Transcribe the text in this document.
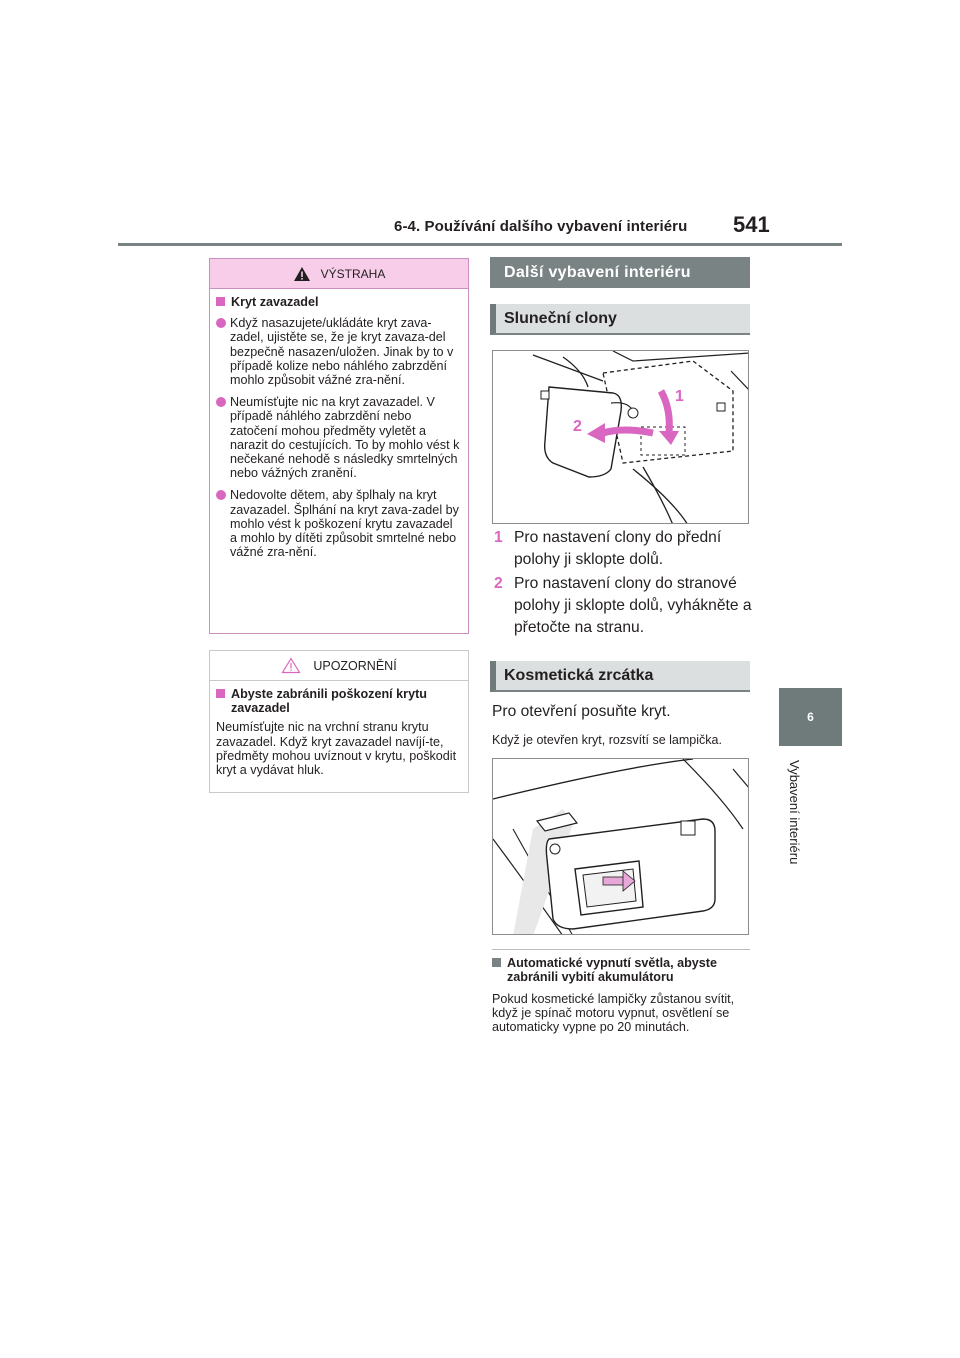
6-4. Používání dalšího vybavení interiéru 541
6
Vybavení interiéru
VÝSTRAHA
Kryt zavazadel
Když nasazujete/ukládáte kryt zava-zadel, ujistěte se, že je kryt zavaza-del bezpečně nasazen/uložen. Jinak by to v případě kolize nebo náhlého zabrzdění mohlo způsobit vážné zra-nění.
Neumísťujte nic na kryt zavazadel. V případě náhlého zabrzdění nebo zatočení mohou předměty vyletět a narazit do cestujících. To by mohlo vést k nečekané nehodě s následky smrtelných nebo vážných zranění.
Nedovolte dětem, aby šplhaly na kryt zavazadel. Šplhání na kryt zava-zadel by mohlo vést k poškození krytu zavazadel a mohlo by dítěti způsobit smrtelné nebo vážné zra-nění.
UPOZORNĚNÍ
Abyste zabránili poškození krytu zavazadel
Neumísťujte nic na vrchní stranu krytu zavazadel. Když kryt zavazadel navíjí-te, předměty mohou uvíznout v krytu, poškodit kryt a vydávat hluk.
Další vybavení interiéru
Sluneční clony
1
2
1 Pro nastavení clony do přední polohy ji sklopte dolů.
2 Pro nastavení clony do stranové polohy ji sklopte dolů, vyhákněte a přetočte na stranu.
Kosmetická zrcátka
Pro otevření posuňte kryt.
Když je otevřen kryt, rozsvítí se lampička.
Automatické vypnutí světla, abyste zabránili vybití akumulátoru
Pokud kosmetické lampičky zůstanou svítit, když je spínač motoru vypnut, osvětlení se automaticky vypne po 20 minutách.
